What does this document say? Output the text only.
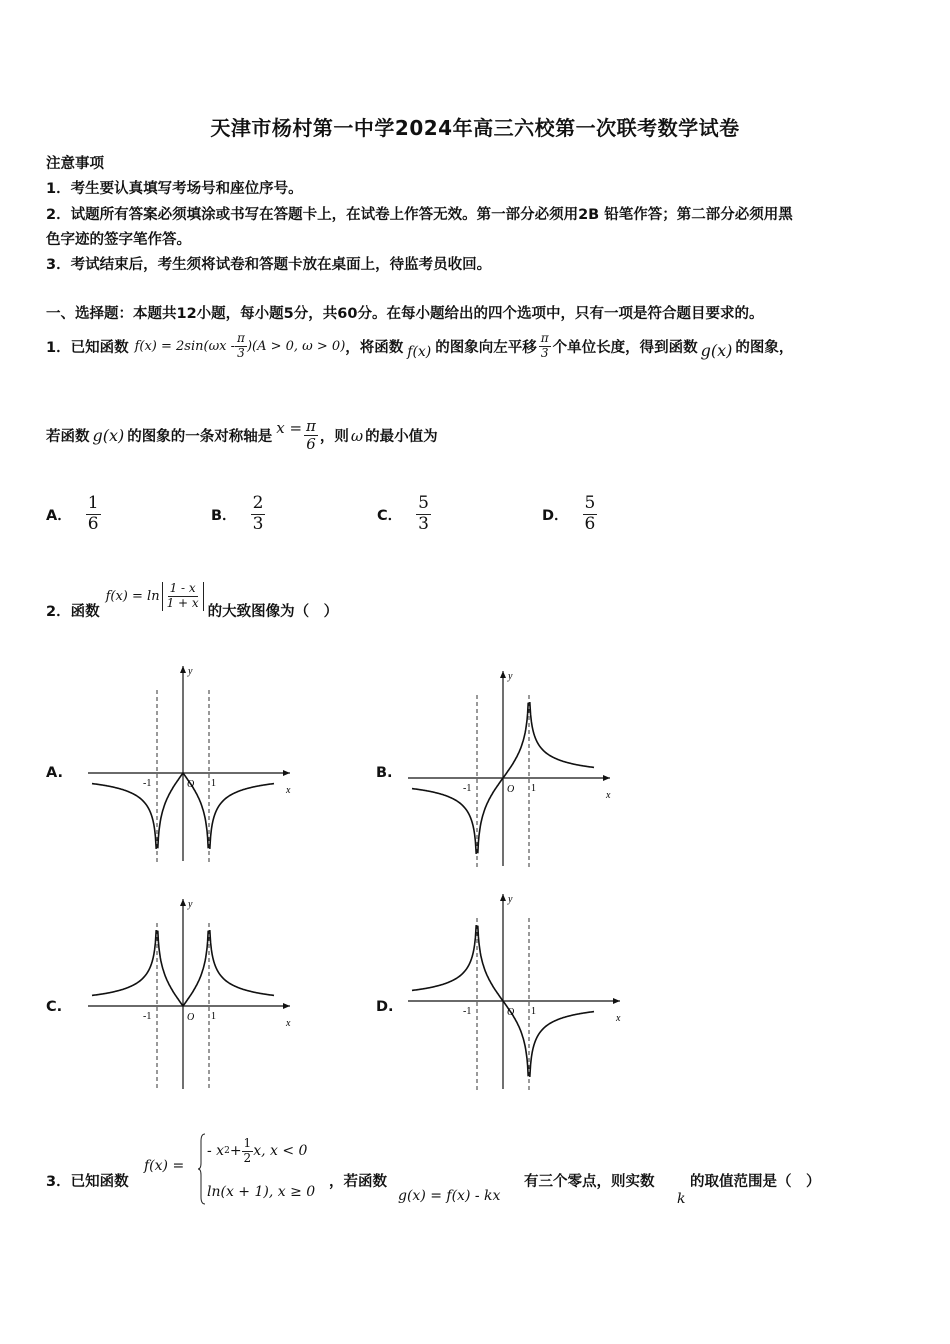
天津市杨村第一中学2024年高三六校第一次联考数学试卷
注意事项
1．考生要认真填写考场号和座位序号。
2．试题所有答案必须填涂或书写在答题卡上，在试卷上作答无效。第一部分必须用2B 铅笔作答；第二部分必须用黑
色字迹的签字笔作答。
3．考试结束后，考生须将试卷和答题卡放在桌面上，待监考员收回。
一、选择题：本题共12小题，每小题5分，共60分。在每小题给出的四个选项中，只有一项是符合题目要求的。
1．已知函数 $f(x) = 2\sin(\omega x - \frac{\pi}{3} )(A > 0$, ω > 0) ，将函数 f(x) 的图象向左平移 $\frac{\pi}{3}$ 个单位长度，得到函数 g(x) 的图象，
若函数 g(x) 的图象的一条对称轴是
$x = \frac{\pi}{6}$ ，则 ω 的最小值为
A． $\frac{1}{6}$	B． $\frac{2}{3}$	C． $\frac{5}{3}$	D． $\frac{5}{6}$
2．函数
$f(x) = \ln \frac{1 - x}{1 + x}$
的大致图像为（　）
A.	B.
C.	D.
y
x
O
-1	1
y
x
O
-1	1
y
x
O
-1	1
y
x
O
-1	1
3．已知函数
f(x) =
- x $2 + \frac{1}{2} x$, x < 0
ln(x + 1), x ≥ 0
，若函数
g(x) = f(x) - kx
有三个零点，则实数
k
的取值范围是（　）
